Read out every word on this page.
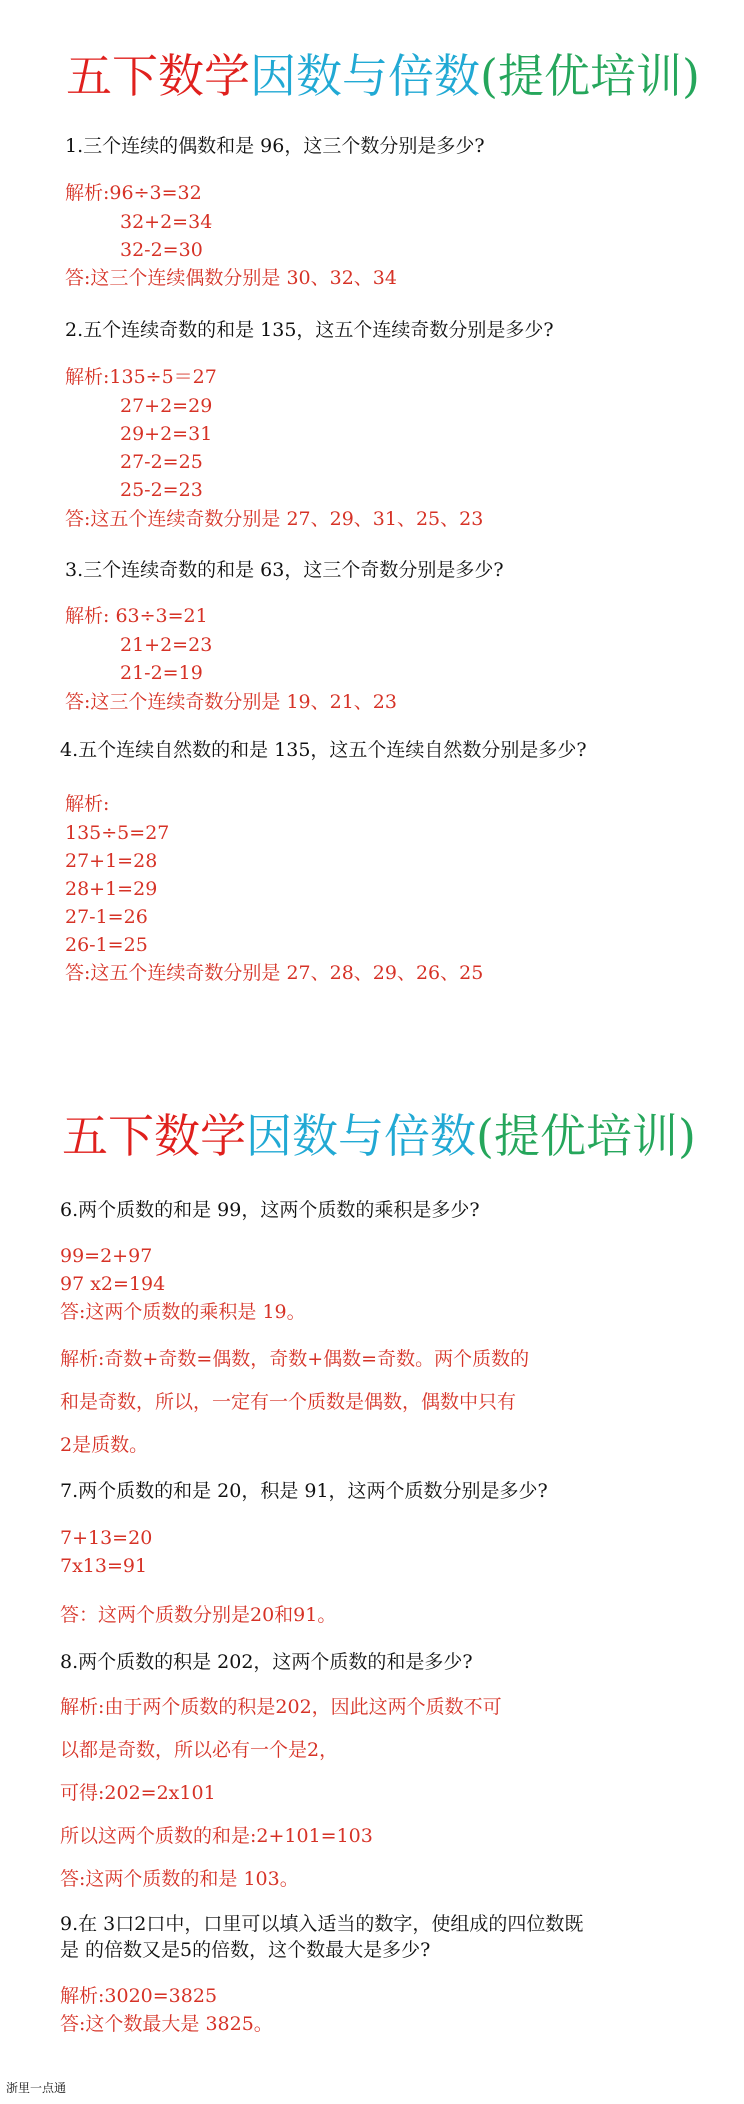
五下数学因数与倍数(提优培训)
1.三个连续的偶数和是 96，这三个数分别是多少?
解析:96÷3=32
32+2=34
32-2=30
答:这三个连续偶数分别是 30、32、34
2.五个连续奇数的和是 135，这五个连续奇数分别是多少?
解析:135÷5＝27
27+2=29
29+2=31
27-2=25
25-2=23
答:这五个连续奇数分别是 27、29、31、25、23
3.三个连续奇数的和是 63，这三个奇数分别是多少?
解析: 63÷3=21
21+2=23
21-2=19
答:这三个连续奇数分别是 19、21、23
4.五个连续自然数的和是 135，这五个连续自然数分别是多少?
解析:
135÷5=27
27+1=28
28+1=29
27-1=26
26-1=25
答:这五个连续奇数分别是 27、28、29、26、25
五下数学因数与倍数(提优培训)
6.两个质数的和是 99，这两个质数的乘积是多少?
99=2+97
97 x2=194
答:这两个质数的乘积是 19。
解析:奇数+奇数=偶数，奇数+偶数=奇数。两个质数的
和是奇数，所以，一定有一个质数是偶数，偶数中只有
2是质数。
7.两个质数的和是 20，积是 91，这两个质数分别是多少?
7+13=20
7x13=91
答：这两个质数分别是20和91。
8.两个质数的积是 202，这两个质数的和是多少?
解析:由于两个质数的积是202，因此这两个质数不可
以都是奇数，所以必有一个是2，
可得:202=2x101
所以这两个质数的和是:2+101=103
答:这两个质数的和是 103。
9.在 3口2口中，口里可以填入适当的数字，使组成的四位数既
是 的倍数又是5的倍数，这个数最大是多少?
解析:3020=3825
答:这个数最大是 3825。
浙里一点通
